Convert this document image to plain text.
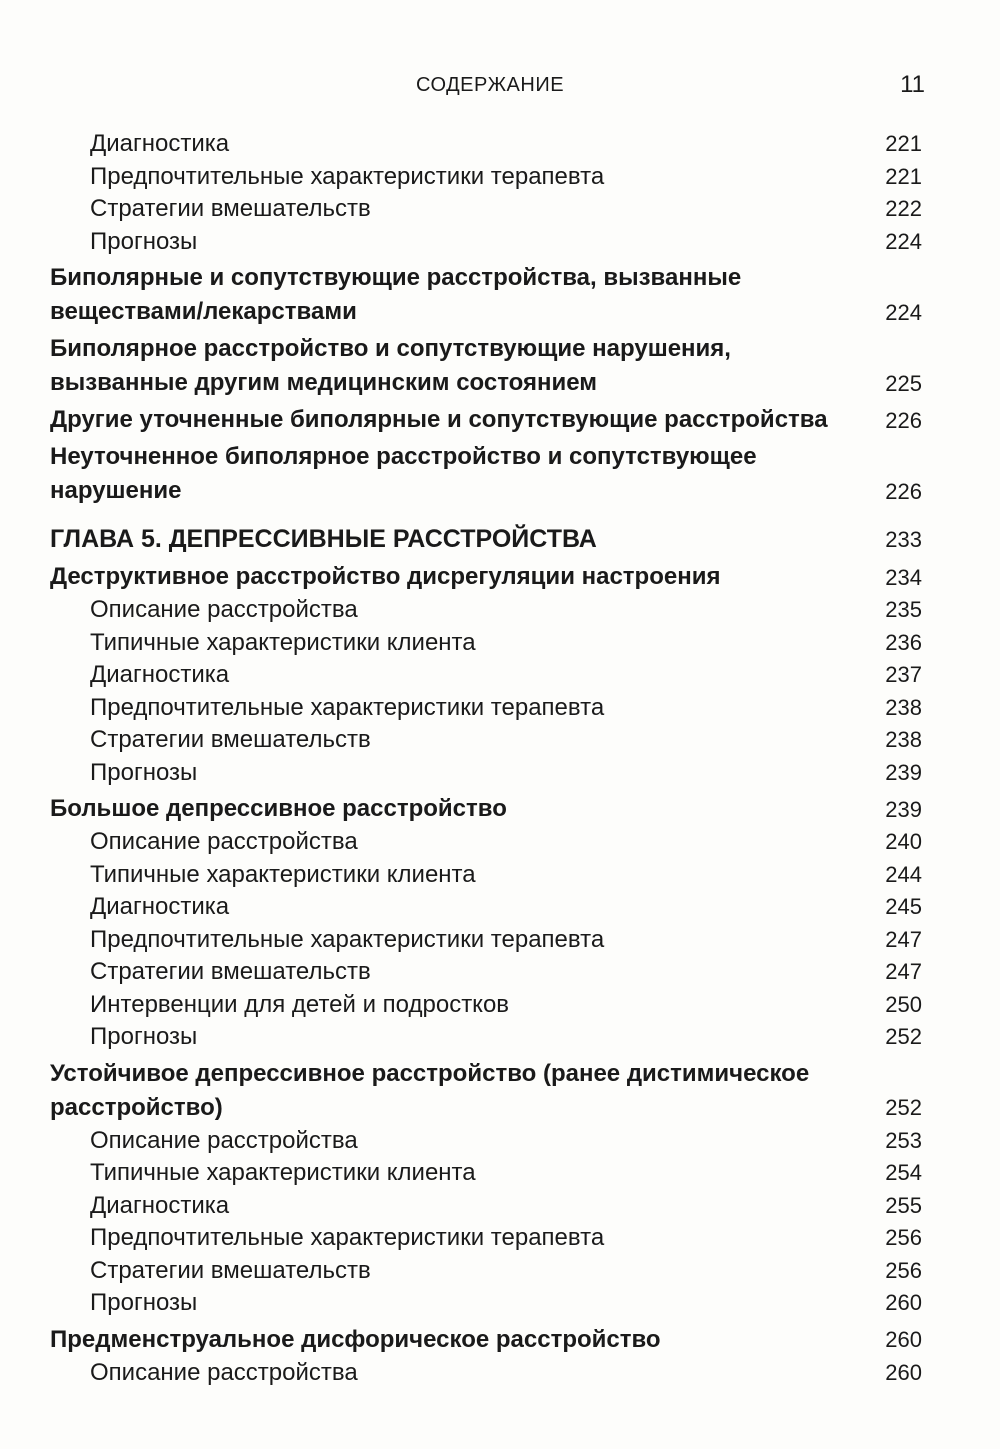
СОДЕРЖАНИЕ	11
Диагностика	221
Предпочтительные характеристики терапевта	221
Стратегии вмешательств	222
Прогнозы	224
Биполярные и сопутствующие расстройства, вызванные веществами/лекарствами	224
Биполярное расстройство и сопутствующие нарушения, вызванные другим медицинским состоянием	225
Другие уточненные биполярные и сопутствующие расстройства	226
Неуточненное биполярное расстройство и сопутствующее нарушение	226
ГЛАВА 5. ДЕПРЕССИВНЫЕ РАССТРОЙСТВА	233
Деструктивное расстройство дисрегуляции настроения	234
Описание расстройства	235
Типичные характеристики клиента	236
Диагностика	237
Предпочтительные характеристики терапевта	238
Стратегии вмешательств	238
Прогнозы	239
Большое депрессивное расстройство	239
Описание расстройства	240
Типичные характеристики клиента	244
Диагностика	245
Предпочтительные характеристики терапевта	247
Стратегии вмешательств	247
Интервенции для детей и подростков	250
Прогнозы	252
Устойчивое депрессивное расстройство (ранее дистимическое расстройство)	252
Описание расстройства	253
Типичные характеристики клиента	254
Диагностика	255
Предпочтительные характеристики терапевта	256
Стратегии вмешательств	256
Прогнозы	260
Предменструальное дисфорическое расстройство	260
Описание расстройства	260
